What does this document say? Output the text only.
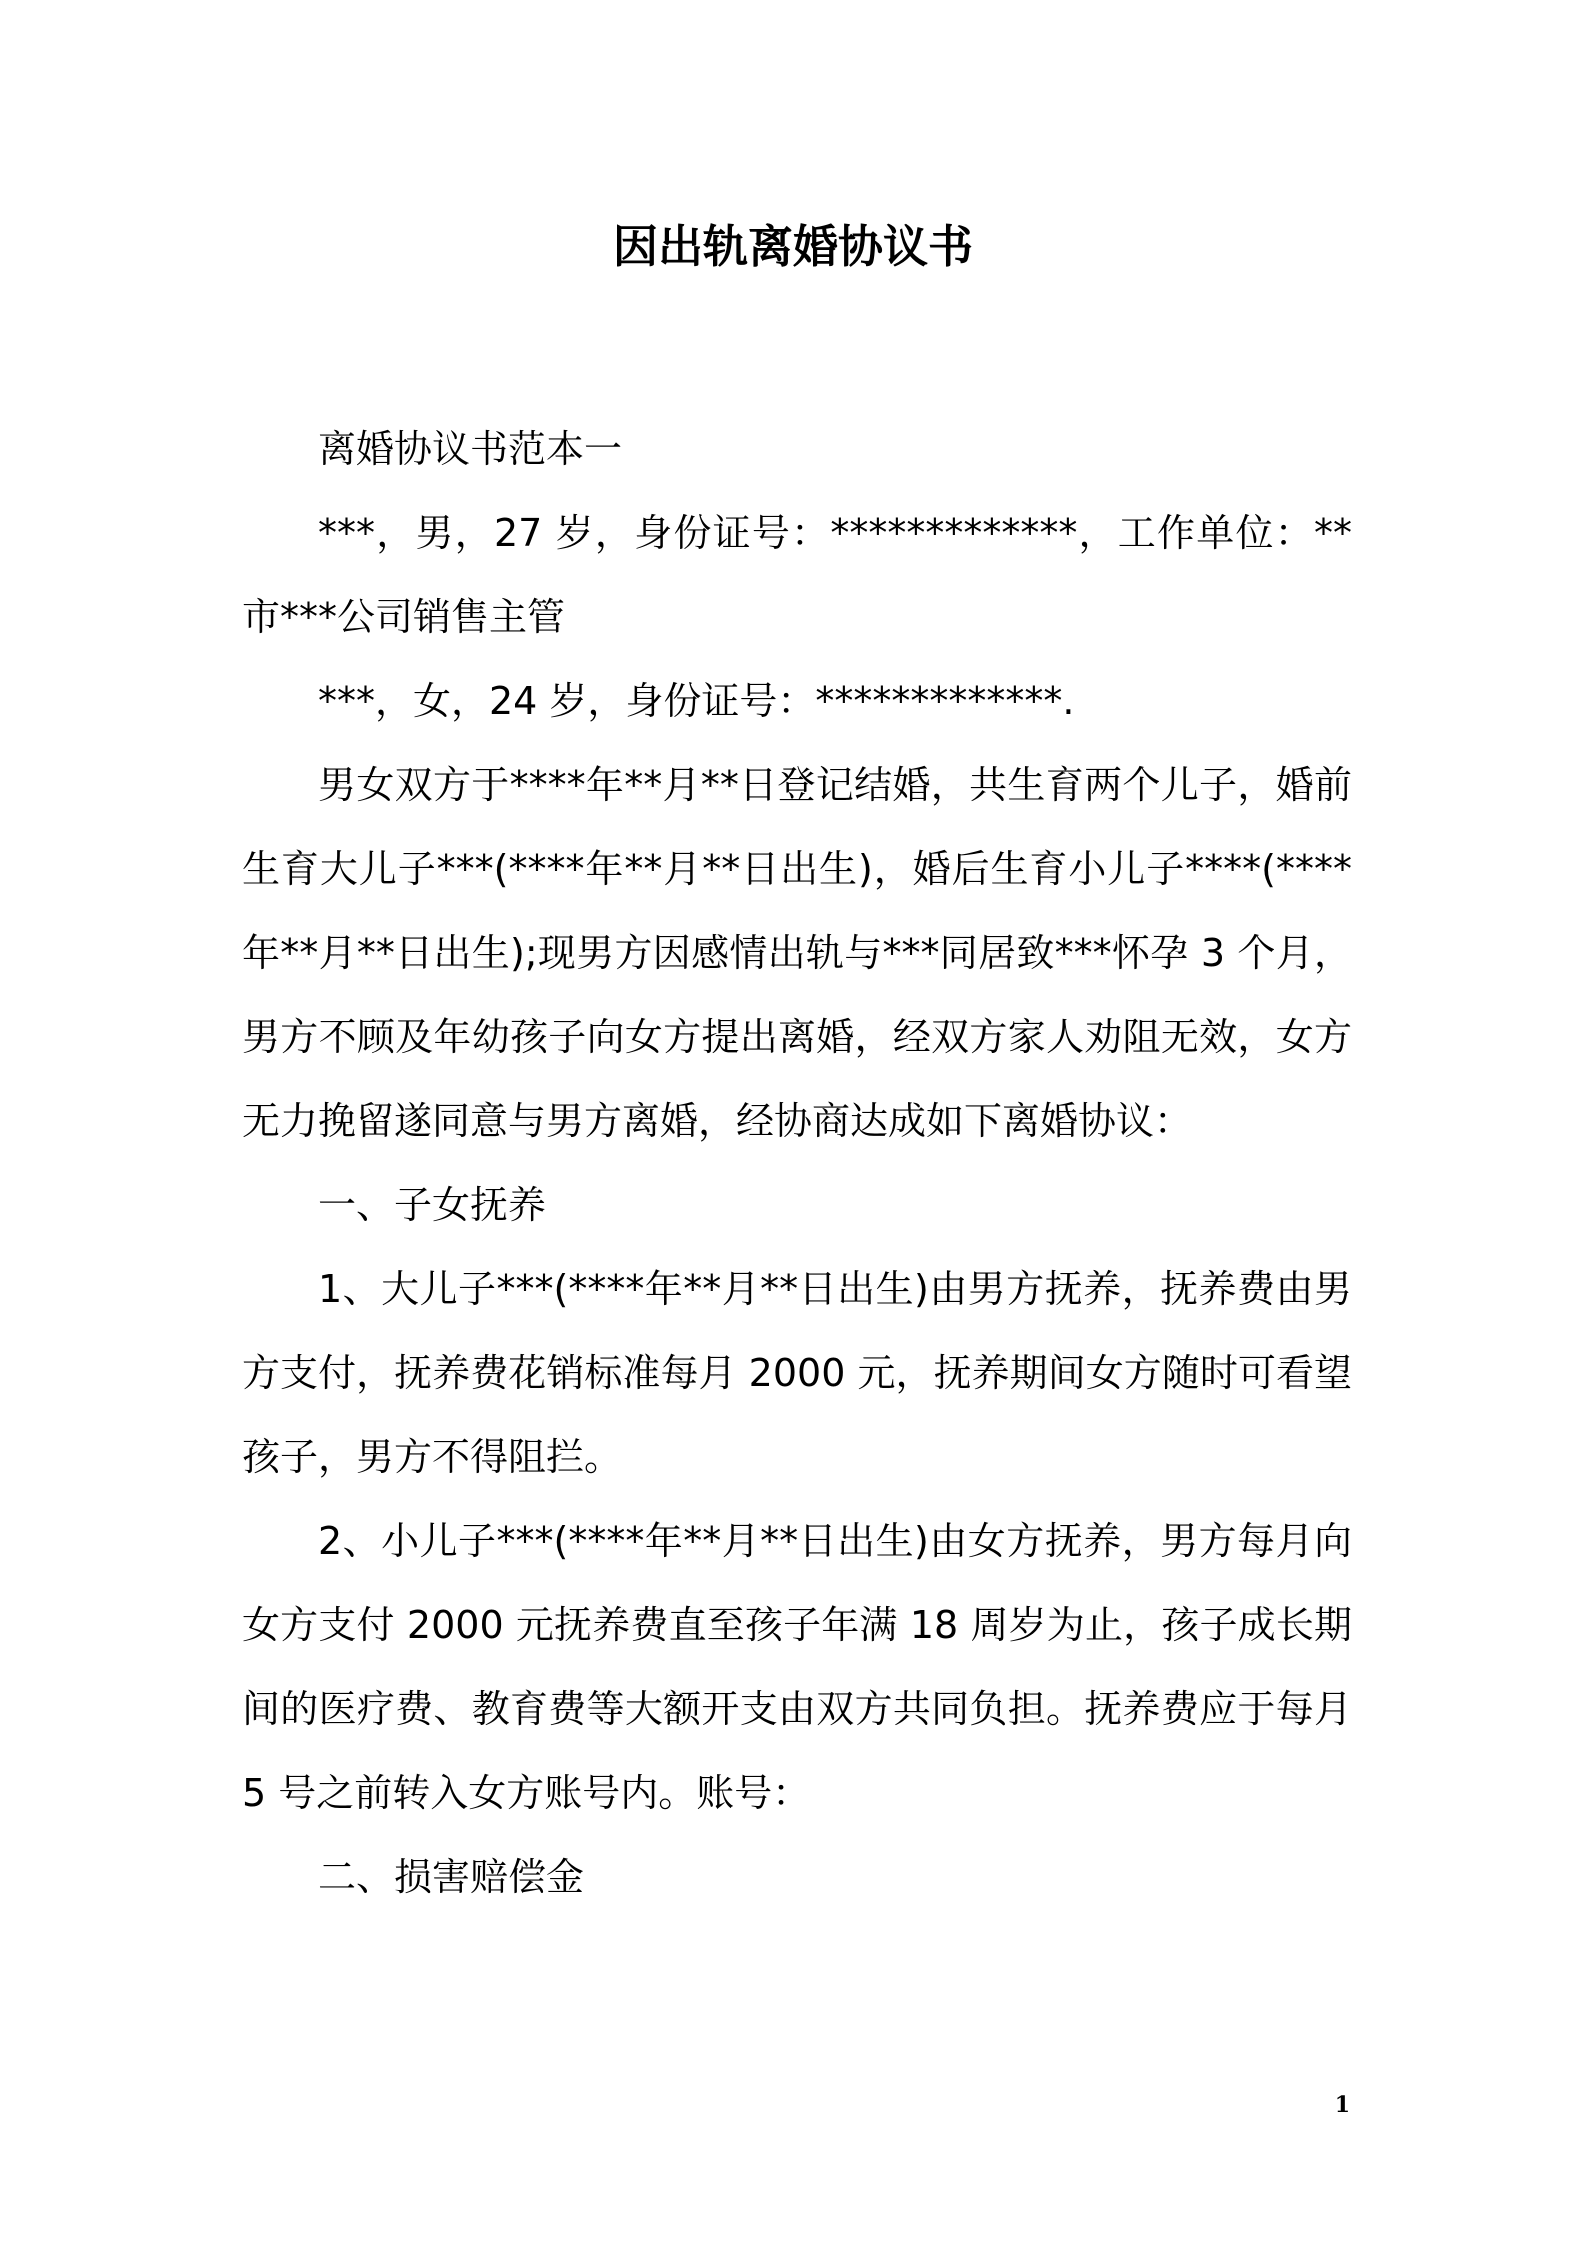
因出轨离婚协议书

离婚协议书范本一

***，男，27 岁，身份证号：*************，工作单位：**市***公司销售主管

***，女，24 岁，身份证号：*************.

男女双方于****年**月**日登记结婚，共生育两个儿子，婚前生育大儿子***(****年**月**日出生)，婚后生育小儿子****(****年**月**日出生);现男方因感情出轨与***同居致***怀孕 3 个月，男方不顾及年幼孩子向女方提出离婚，经双方家人劝阻无效，女方无力挽留遂同意与男方离婚，经协商达成如下离婚协议：

一、子女抚养

1、大儿子***(****年**月**日出生)由男方抚养，抚养费由男方支付，抚养费花销标准每月 2000 元，抚养期间女方随时可看望孩子，男方不得阻拦。

2、小儿子***(****年**月**日出生)由女方抚养，男方每月向女方支付 2000 元抚养费直至孩子年满 18 周岁为止，孩子成长期间的医疗费、教育费等大额开支由双方共同负担。抚养费应于每月 5 号之前转入女方账号内。账号：

二、损害赔偿金

1
